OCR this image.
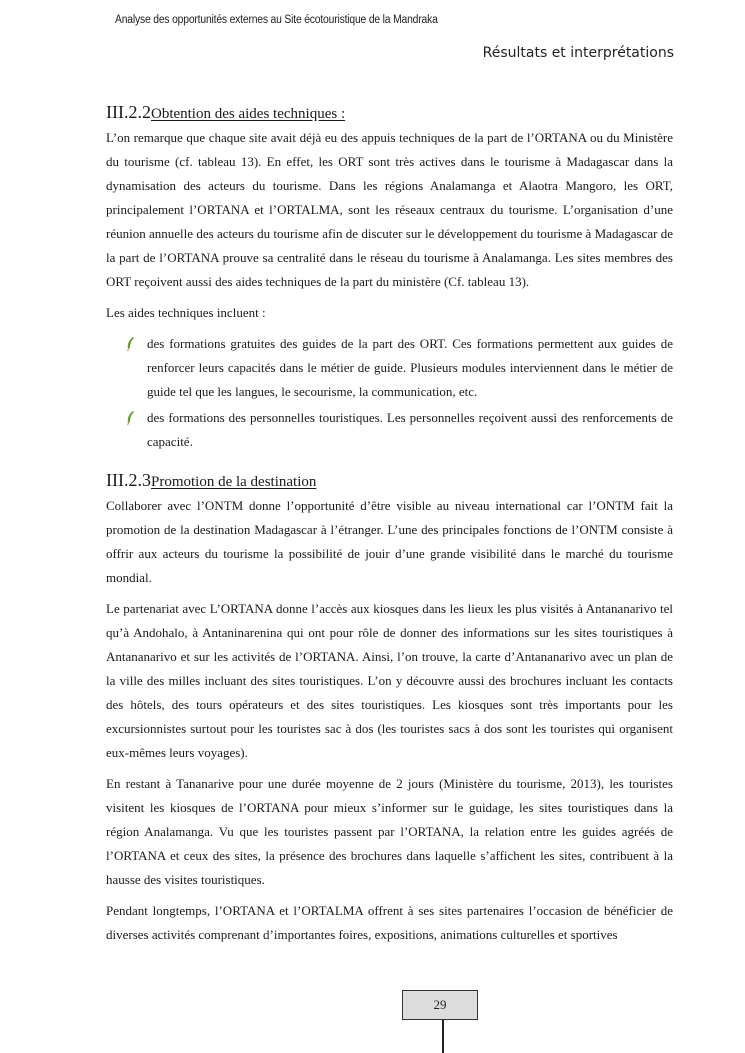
Analyse des opportunités externes au Site écotouristique de la Mandraka
Résultats et interprétations
III.2.2Obtention des aides techniques :

L’on remarque que chaque site avait déjà eu des appuis techniques de la part de l’ORTANA ou du Ministère du tourisme (cf. tableau 13). En effet, les ORT sont très actives dans le tourisme à Madagascar dans la dynamisation des acteurs du tourisme. Dans les régions Analamanga et Alaotra Mangoro, les ORT, principalement l’ORTANA et l’ORTALMA, sont les réseaux centraux du tourisme. L’organisation d’une réunion annuelle des acteurs du tourisme afin de discuter sur le développement du tourisme à Madagascar de la part de l’ORTANA prouve sa centralité dans le réseau du tourisme à Analamanga. Les sites membres des ORT reçoivent aussi des aides techniques de la part du ministère (Cf. tableau 13).

Les aides techniques incluent :

des formations gratuites des guides de la part des ORT. Ces formations permettent aux guides de renforcer leurs capacités dans le métier de guide. Plusieurs modules interviennent dans le métier de guide tel que les langues, le secourisme, la communication, etc.
des formations des personnelles touristiques. Les personnelles reçoivent aussi des renforcements de capacité.
III.2.3Promotion de la destination

Collaborer avec l’ONTM donne l’opportunité d’être visible au niveau international car l’ONTM fait la promotion de la destination Madagascar à l’étranger. L’une des principales fonctions de l’ONTM consiste à offrir aux acteurs du tourisme la possibilité de jouir d’une grande visibilité dans le marché du tourisme mondial.

Le partenariat avec L’ORTANA donne l’accès aux kiosques dans les lieux les plus visités à Antananarivo tel qu’à Andohalo, à Antaninarenina qui ont pour rôle de donner des informations sur les sites touristiques à Antananarivo et sur les activités de l’ORTANA. Ainsi, l’on trouve, la carte d’Antananarivo avec un plan de la ville des milles incluant des sites touristiques. L’on y découvre aussi des brochures incluant les contacts des hôtels, des tours opérateurs et des sites touristiques. Les kiosques sont très importants pour les excursionnistes surtout pour les touristes sac à dos (les touristes sacs à dos sont les touristes qui organisent eux-mêmes leurs voyages).

En restant à Tananarive pour une durée moyenne de 2 jours (Ministère du tourisme, 2013), les touristes visitent les kiosques de l’ORTANA pour mieux s’informer sur le guidage, les sites touristiques dans la région Analamanga. Vu que les touristes passent par l’ORTANA, la relation entre les guides agréés de l’ORTANA et ceux des sites, la présence des brochures dans laquelle s’affichent les sites, contribuent à la hausse des visites touristiques.

Pendant longtemps, l’ORTANA et l’ORTALMA offrent à ses sites partenaires l’occasion de bénéficier de diverses activités comprenant d’importantes foires, expositions, animations culturelles et sportives

29
